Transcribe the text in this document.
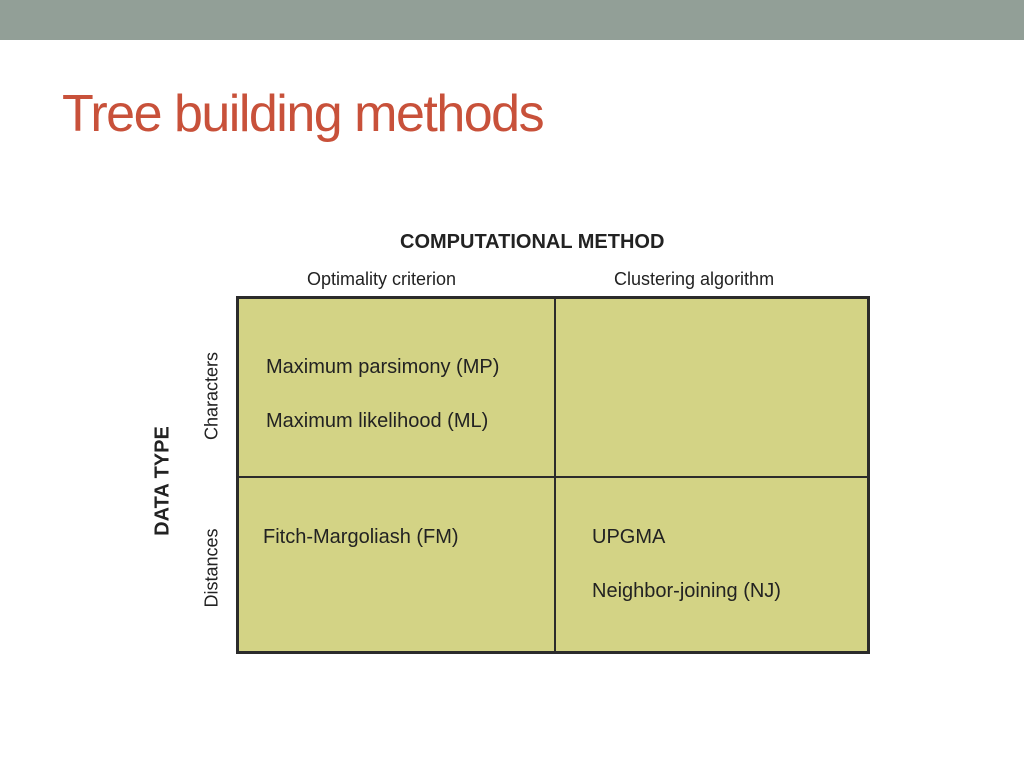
Tree building methods
COMPUTATIONAL METHOD
Optimality criterion	Clustering algorithm
DATA TYPE
Characters
Distances
Maximum parsimony (MP)
Maximum likelihood (ML)
Fitch-Margoliash (FM)	UPGMA
Neighbor-joining (NJ)
